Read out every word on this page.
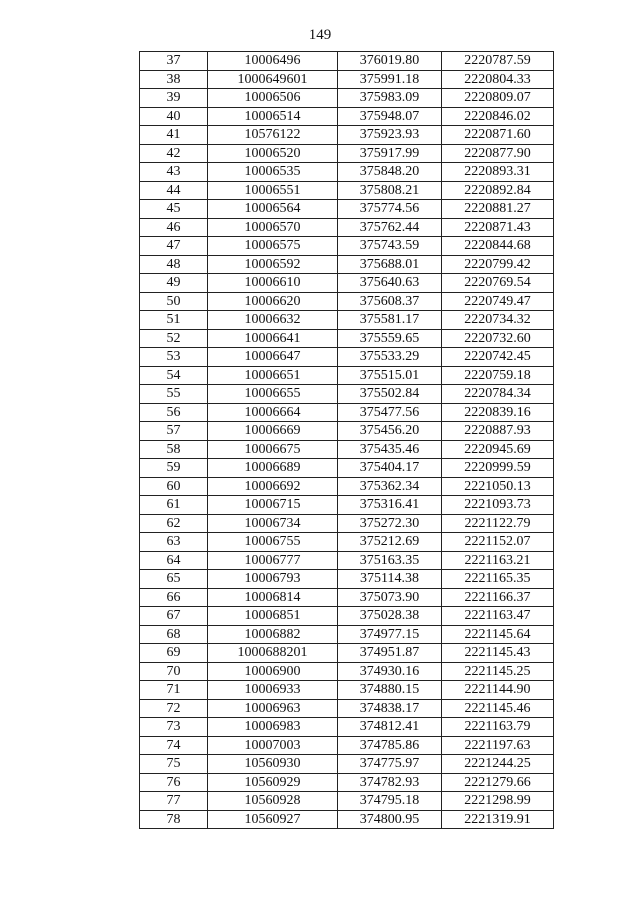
149
37	10006496	376019.80	2220787.59
38	1000649601	375991.18	2220804.33
39	10006506	375983.09	2220809.07
40	10006514	375948.07	2220846.02
41	10576122	375923.93	2220871.60
42	10006520	375917.99	2220877.90
43	10006535	375848.20	2220893.31
44	10006551	375808.21	2220892.84
45	10006564	375774.56	2220881.27
46	10006570	375762.44	2220871.43
47	10006575	375743.59	2220844.68
48	10006592	375688.01	2220799.42
49	10006610	375640.63	2220769.54
50	10006620	375608.37	2220749.47
51	10006632	375581.17	2220734.32
52	10006641	375559.65	2220732.60
53	10006647	375533.29	2220742.45
54	10006651	375515.01	2220759.18
55	10006655	375502.84	2220784.34
56	10006664	375477.56	2220839.16
57	10006669	375456.20	2220887.93
58	10006675	375435.46	2220945.69
59	10006689	375404.17	2220999.59
60	10006692	375362.34	2221050.13
61	10006715	375316.41	2221093.73
62	10006734	375272.30	2221122.79
63	10006755	375212.69	2221152.07
64	10006777	375163.35	2221163.21
65	10006793	375114.38	2221165.35
66	10006814	375073.90	2221166.37
67	10006851	375028.38	2221163.47
68	10006882	374977.15	2221145.64
69	1000688201	374951.87	2221145.43
70	10006900	374930.16	2221145.25
71	10006933	374880.15	2221144.90
72	10006963	374838.17	2221145.46
73	10006983	374812.41	2221163.79
74	10007003	374785.86	2221197.63
75	10560930	374775.97	2221244.25
76	10560929	374782.93	2221279.66
77	10560928	374795.18	2221298.99
78	10560927	374800.95	2221319.91
